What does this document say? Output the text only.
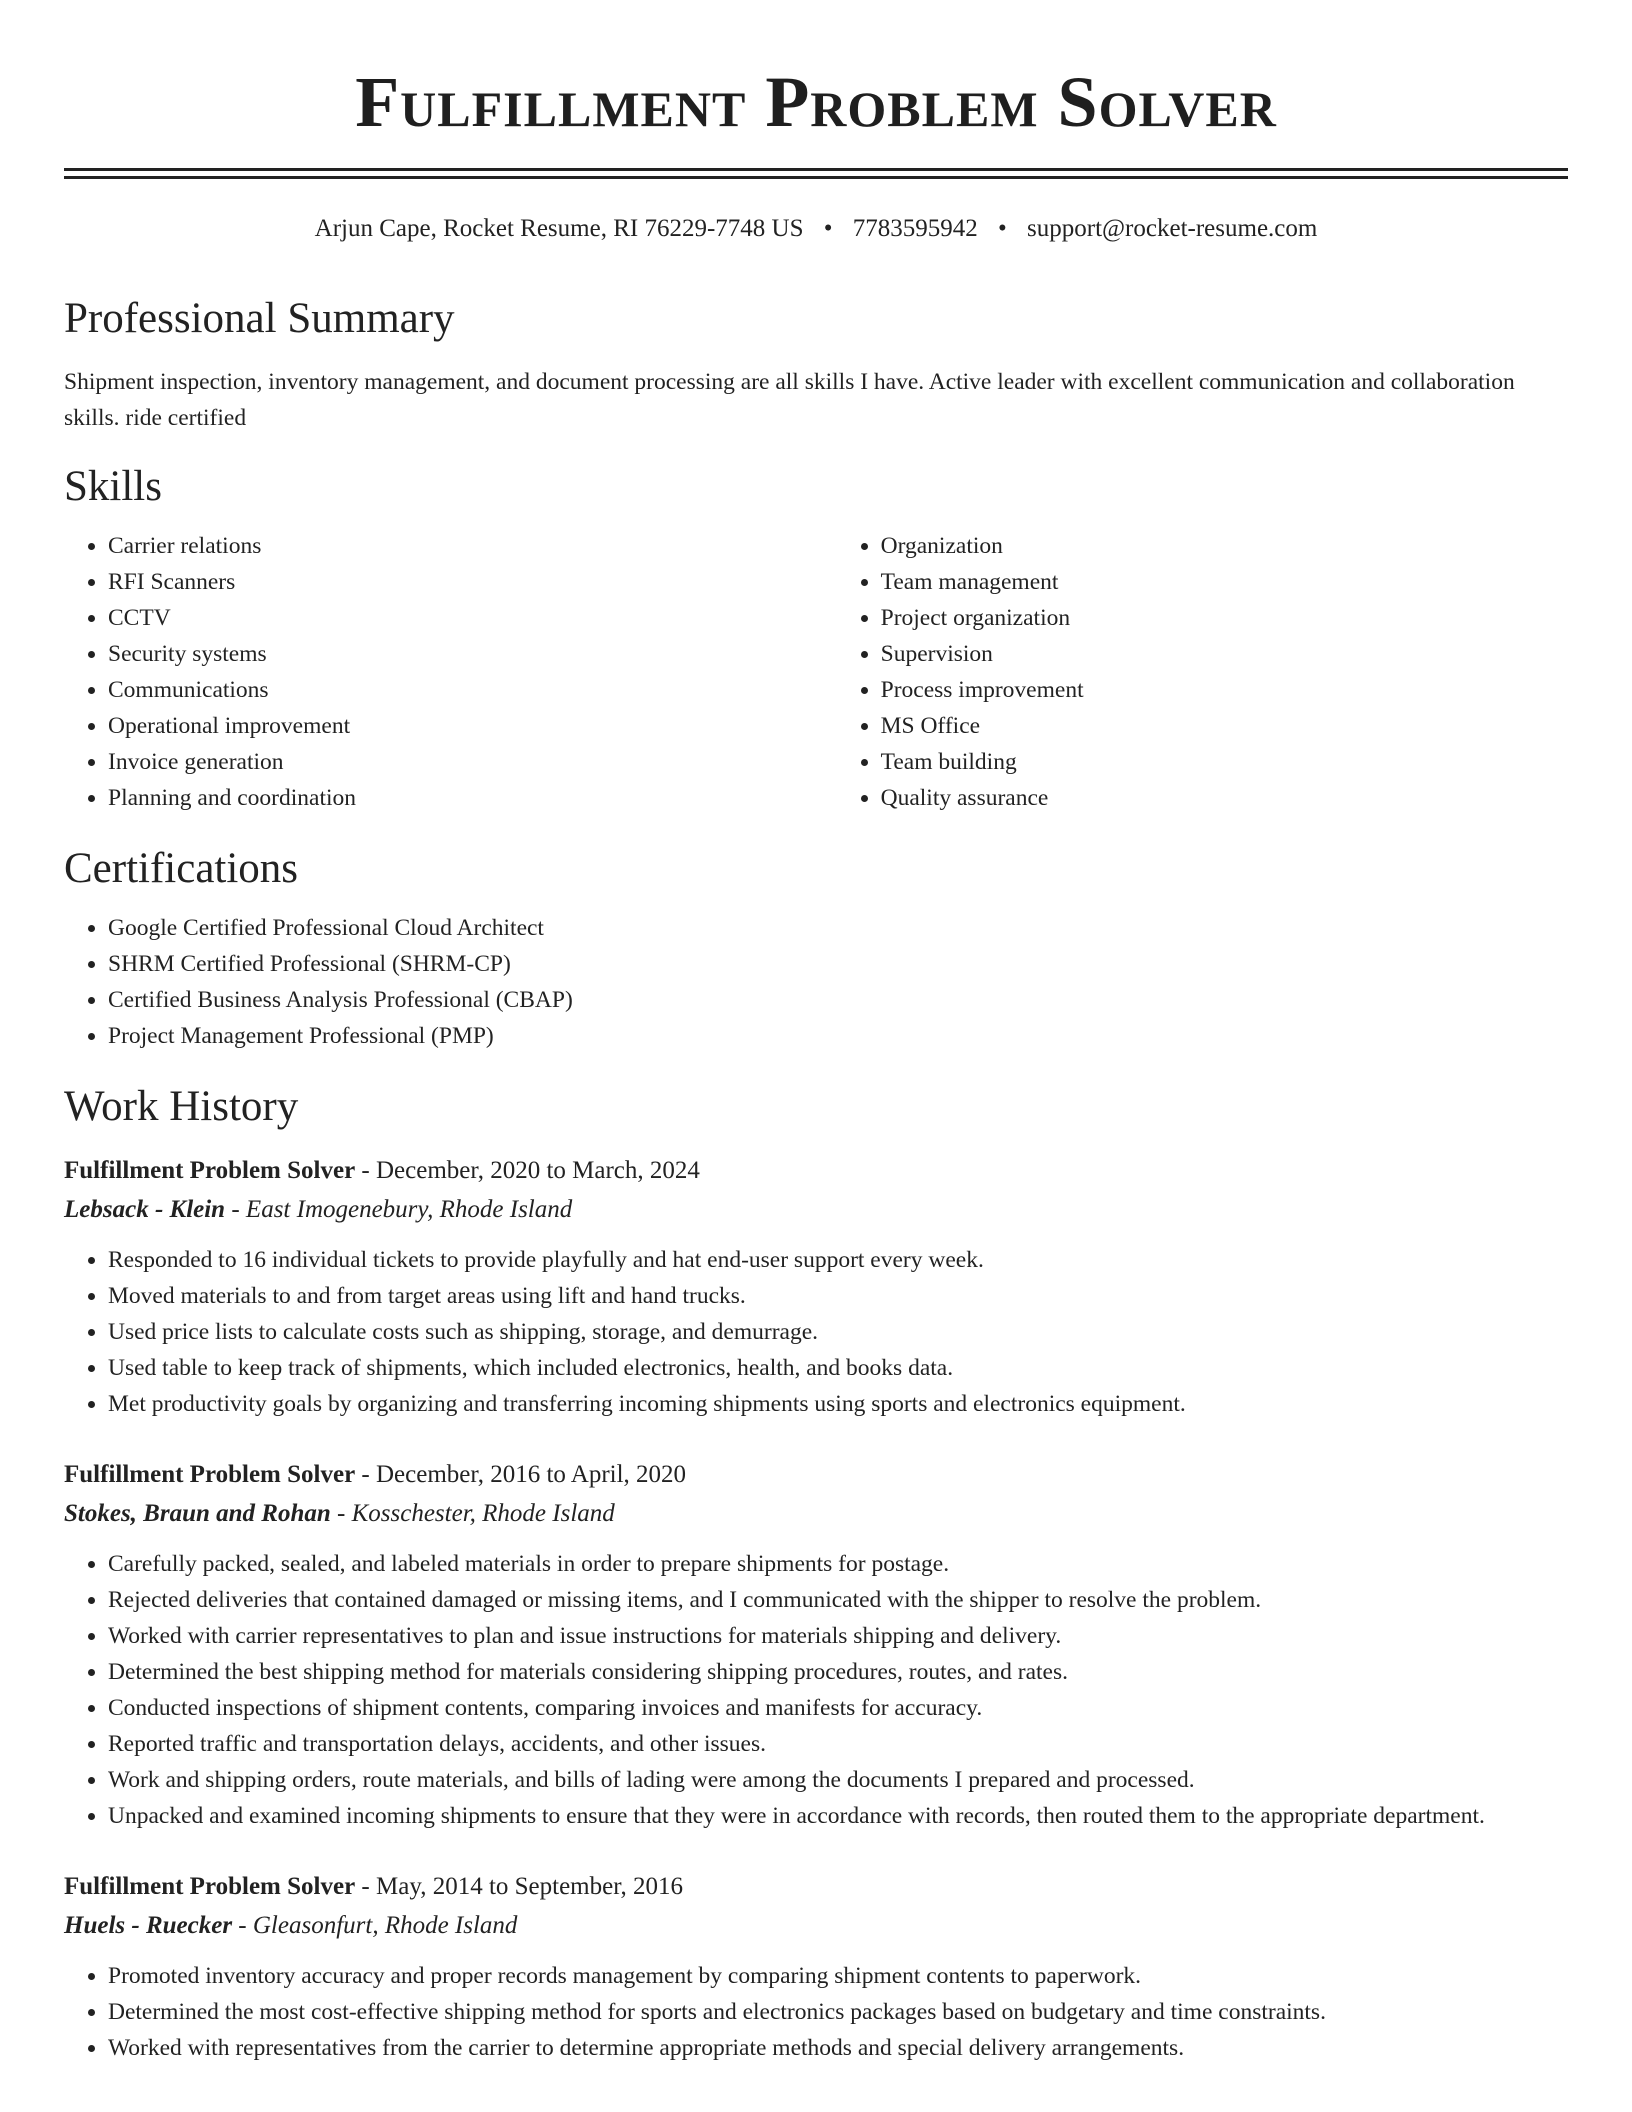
Fulfillment Problem Solver
Arjun Cape, Rocket Resume, RI 76229-7748 US • 7783595942 • support@rocket-resume.com
Professional Summary
Shipment inspection, inventory management, and document processing are all skills I have. Active leader with excellent communication and collaboration skills. ride certified
Skills
• Carrier relations
• RFI Scanners
• CCTV
• Security systems
• Communications
• Operational improvement
• Invoice generation
• Planning and coordination
• Organization
• Team management
• Project organization
• Supervision
• Process improvement
• MS Office
• Team building
• Quality assurance
Certifications
• Google Certified Professional Cloud Architect
• SHRM Certified Professional (SHRM-CP)
• Certified Business Analysis Professional (CBAP)
• Project Management Professional (PMP)
Work History
Fulfillment Problem Solver - December, 2020 to March, 2024
Lebsack - Klein - East Imogenebury, Rhode Island
• Responded to 16 individual tickets to provide playfully and hat end-user support every week.
• Moved materials to and from target areas using lift and hand trucks.
• Used price lists to calculate costs such as shipping, storage, and demurrage.
• Used table to keep track of shipments, which included electronics, health, and books data.
• Met productivity goals by organizing and transferring incoming shipments using sports and electronics equipment.
Fulfillment Problem Solver - December, 2016 to April, 2020
Stokes, Braun and Rohan - Kosschester, Rhode Island
• Carefully packed, sealed, and labeled materials in order to prepare shipments for postage.
• Rejected deliveries that contained damaged or missing items, and I communicated with the shipper to resolve the problem.
• Worked with carrier representatives to plan and issue instructions for materials shipping and delivery.
• Determined the best shipping method for materials considering shipping procedures, routes, and rates.
• Conducted inspections of shipment contents, comparing invoices and manifests for accuracy.
• Reported traffic and transportation delays, accidents, and other issues.
• Work and shipping orders, route materials, and bills of lading were among the documents I prepared and processed.
• Unpacked and examined incoming shipments to ensure that they were in accordance with records, then routed them to the appropriate department.
Fulfillment Problem Solver - May, 2014 to September, 2016
Huels - Ruecker - Gleasonfurt, Rhode Island
• Promoted inventory accuracy and proper records management by comparing shipment contents to paperwork.
• Determined the most cost-effective shipping method for sports and electronics packages based on budgetary and time constraints.
• Worked with representatives from the carrier to determine appropriate methods and special delivery arrangements.
